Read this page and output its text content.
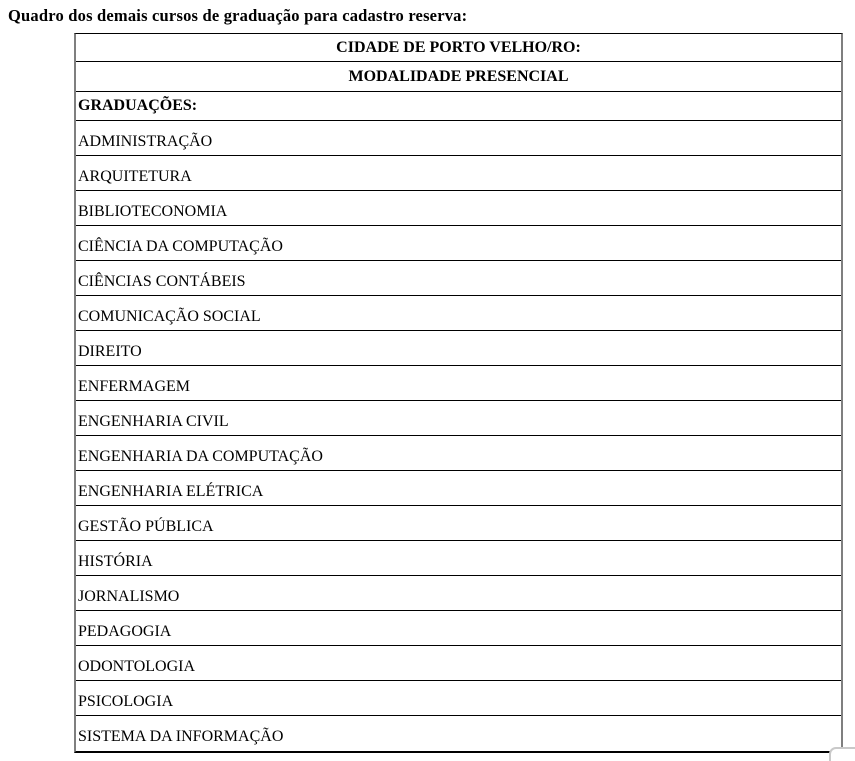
Quadro dos demais cursos de graduação para cadastro reserva:
CIDADE DE PORTO VELHO/RO:
MODALIDADE PRESENCIAL
GRADUAÇÕES:
ADMINISTRAÇÃO
ARQUITETURA
BIBLIOTECONOMIA
CIÊNCIA DA COMPUTAÇÃO
CIÊNCIAS CONTÁBEIS
COMUNICAÇÃO SOCIAL
DIREITO
ENFERMAGEM
ENGENHARIA CIVIL
ENGENHARIA DA COMPUTAÇÃO
ENGENHARIA ELÉTRICA
GESTÃO PÚBLICA
HISTÓRIA
JORNALISMO
PEDAGOGIA
ODONTOLOGIA
PSICOLOGIA
SISTEMA DA INFORMAÇÃO
